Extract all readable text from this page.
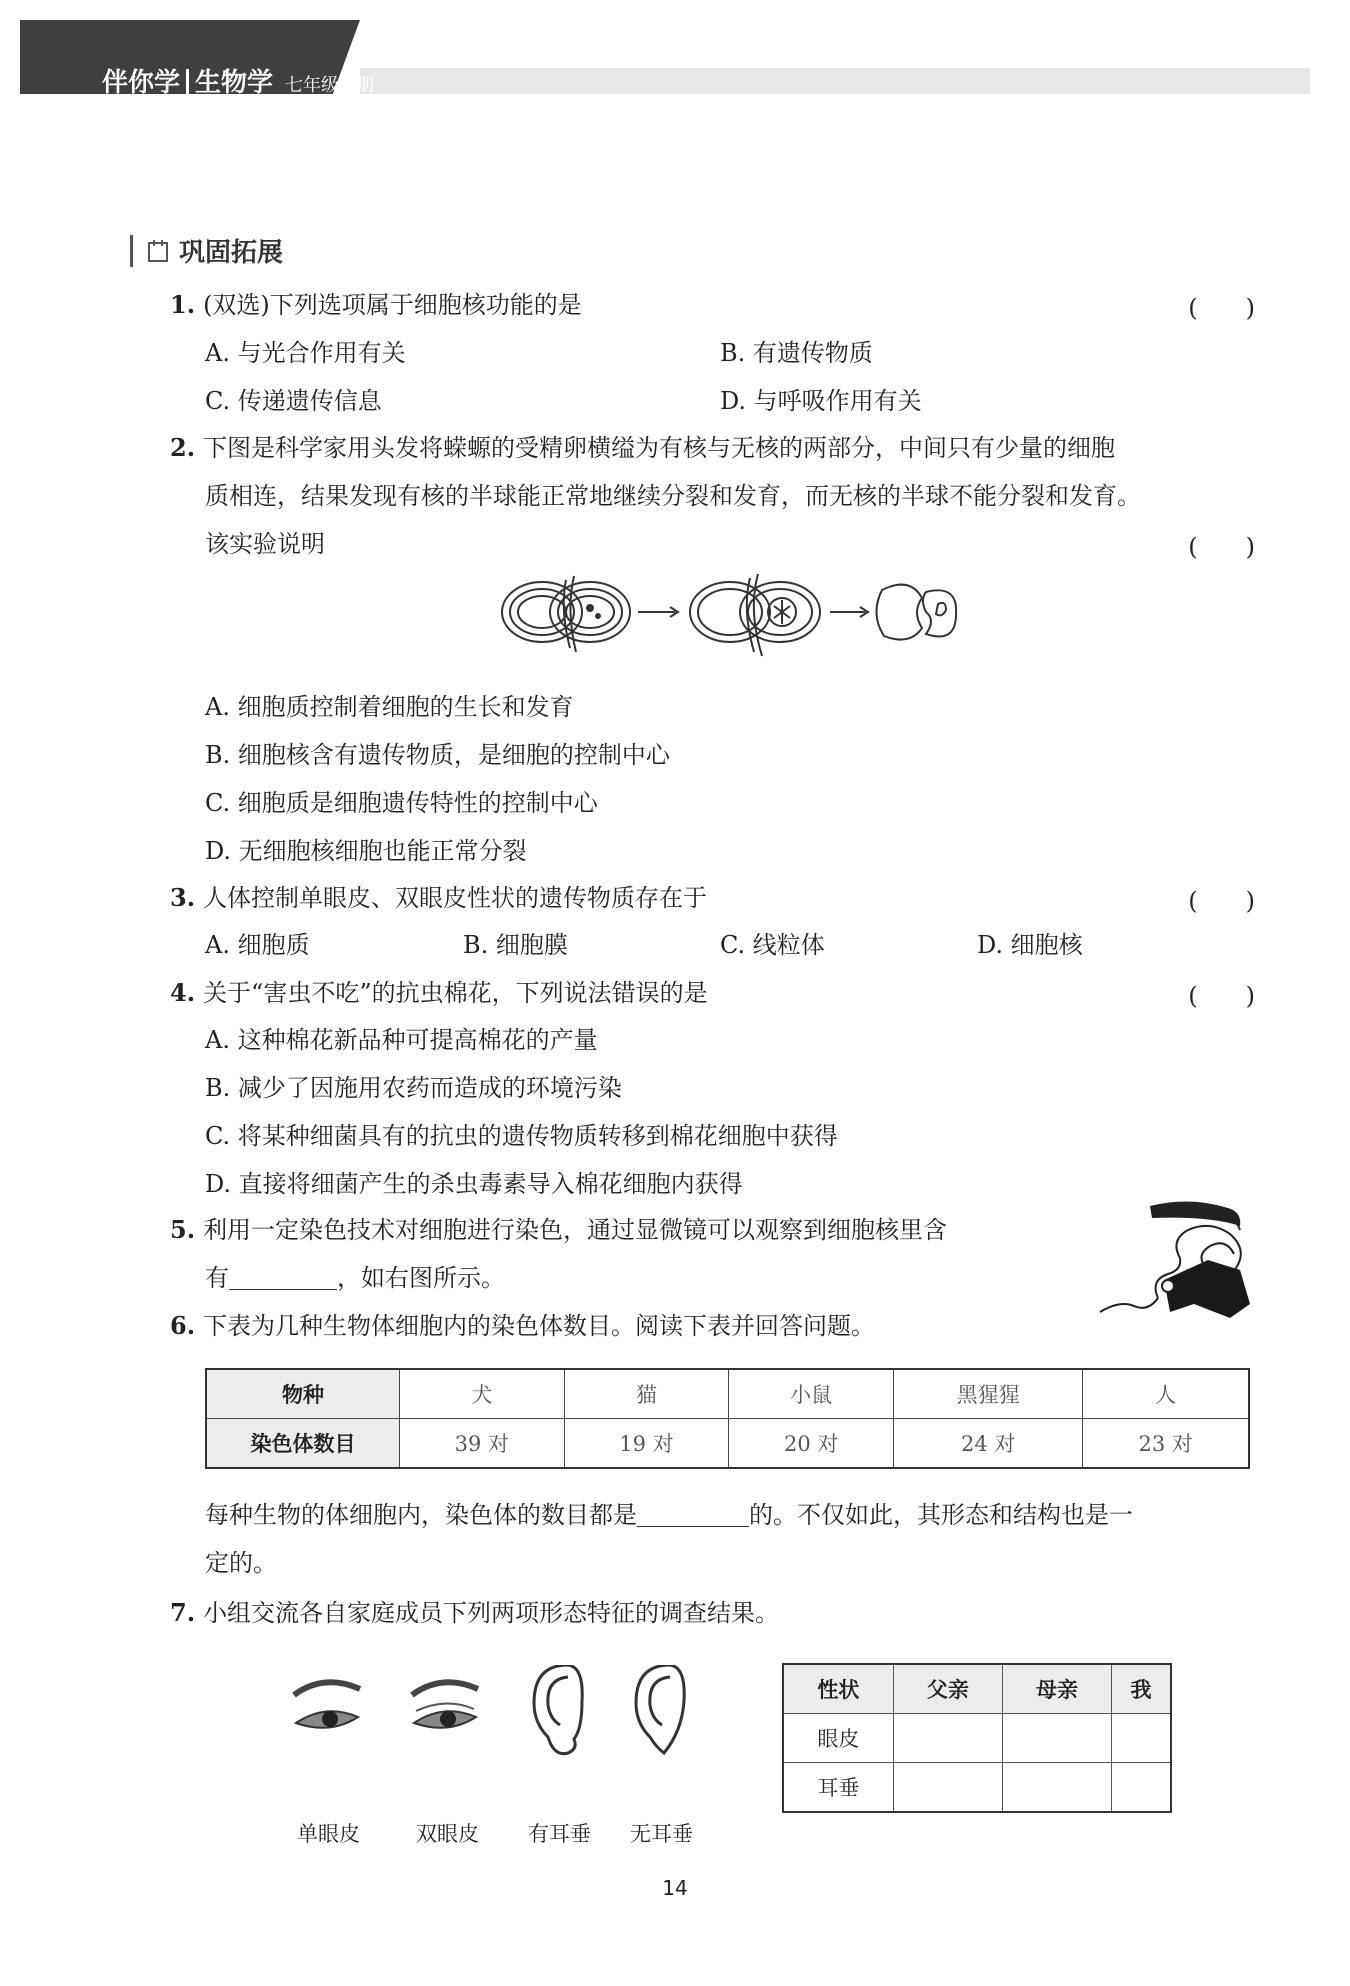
伴你学 生物学 七年级上册
巩固拓展
1. (双选)下列选项属于细胞核功能的是	(　　)
A. 与光合作用有关	B. 有遗传物质
C. 传递遗传信息	D. 与呼吸作用有关
2. 下图是科学家用头发将蝾螈的受精卵横缢为有核与无核的两部分，中间只有少量的细胞
质相连，结果发现有核的半球能正常地继续分裂和发育，而无核的半球不能分裂和发育。
该实验说明	(　　)
A. 细胞质控制着细胞的生长和发育
B. 细胞核含有遗传物质，是细胞的控制中心
C. 细胞质是细胞遗传特性的控制中心
D. 无细胞核细胞也能正常分裂
3. 人体控制单眼皮、双眼皮性状的遗传物质存在于	(　　)
A. 细胞质	B. 细胞膜	C. 线粒体	D. 细胞核
4. 关于“害虫不吃”的抗虫棉花，下列说法错误的是	(　　)
A. 这种棉花新品种可提高棉花的产量
B. 减少了因施用农药而造成的环境污染
C. 将某种细菌具有的抗虫的遗传物质转移到棉花细胞中获得
D. 直接将细菌产生的杀虫毒素导入棉花细胞内获得
5. 利用一定染色技术对细胞进行染色，通过显微镜可以观察到细胞核里含
有	，如右图所示。
6. 下表为几种生物体细胞内的染色体数目。阅读下表并回答问题。
物种	犬	猫	小鼠	黑猩猩	人
染色体数目	39 对	19 对	20 对	24 对	23 对
每种生物的体细胞内，染色体的数目都是	的。不仅如此，其形态和结构也是一
定的。
7. 小组交流各自家庭成员下列两项形态特征的调查结果。
单眼皮	双眼皮 有耳垂 无耳垂
性状	父亲	母亲	我
眼皮			
耳垂			
14
